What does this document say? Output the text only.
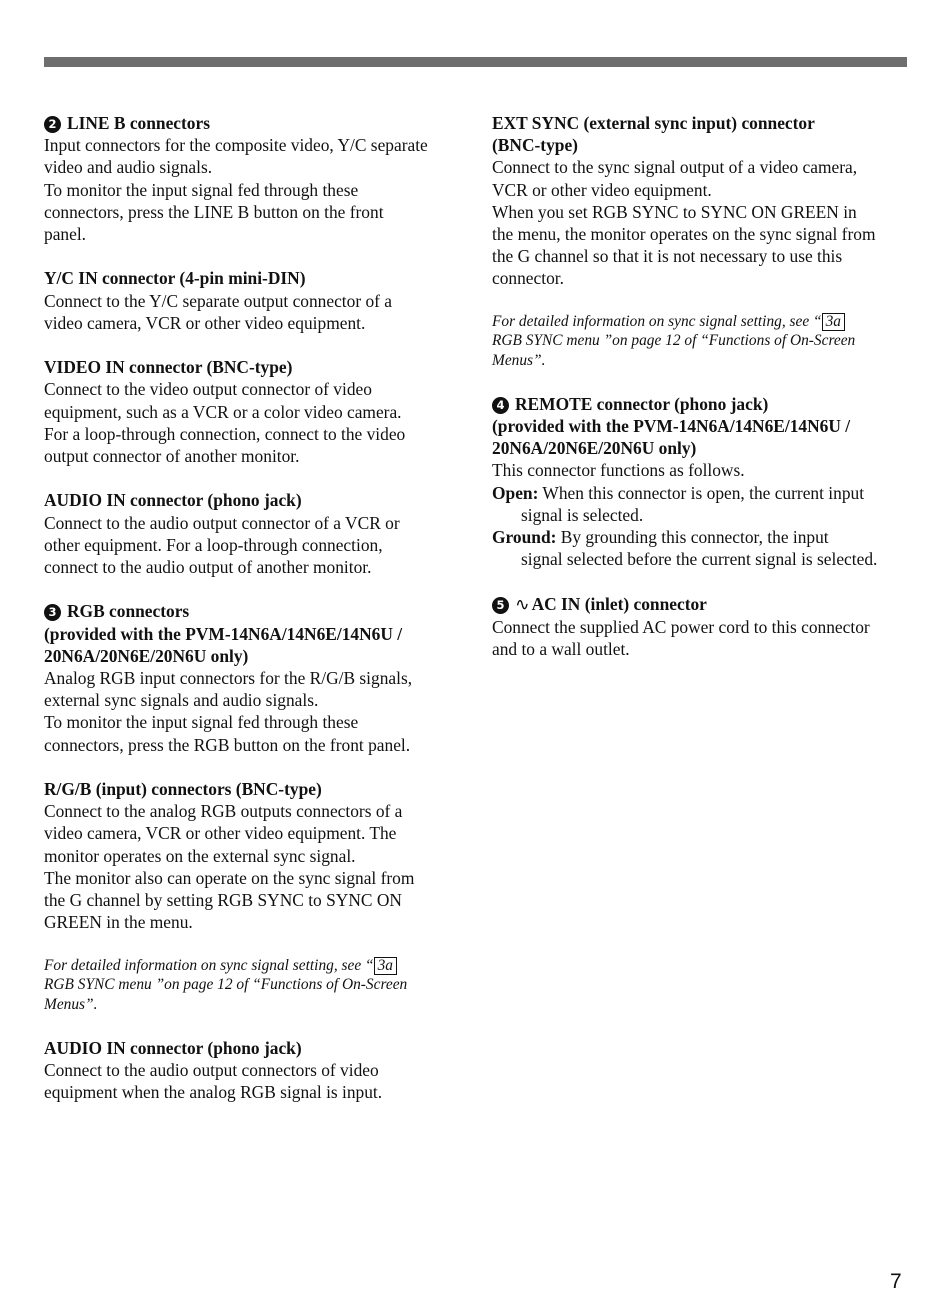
2 LINE B connectors
Input connectors for the composite video, Y/C separate
video and audio signals.
To monitor the input signal fed through these
connectors, press the LINE B button on the front
panel.
Y/C IN connector (4-pin mini-DIN)
Connect to the Y/C separate output connector of a
video camera, VCR or other video equipment.
VIDEO IN connector (BNC-type)
Connect to the video output connector of video
equipment, such as a VCR or a color video camera.
For a loop-through connection, connect to the video
output connector of another monitor.
AUDIO IN connector (phono jack)
Connect to the audio output connector of a VCR or
other equipment. For a loop-through connection,
connect to the audio output of another monitor.
3 RGB connectors
(provided with the PVM-14N6A/14N6E/14N6U /
20N6A/20N6E/20N6U only)
Analog RGB input connectors for the R/G/B signals,
external sync signals and audio signals.
To monitor the input signal fed through these
connectors, press the RGB button on the front panel.
R/G/B (input) connectors (BNC-type)
Connect to the analog RGB outputs connectors of a
video camera, VCR or other video equipment. The
monitor operates on the external sync signal.
The monitor also can operate on the sync signal from
the G channel by setting RGB SYNC to SYNC ON
GREEN in the menu.
For detailed information on sync signal setting, see “ 3a
RGB SYNC menu ”on page 12 of “Functions of On-Screen
Menus”.
AUDIO IN connector (phono jack)
Connect to the audio output connectors of video
equipment when the analog RGB signal is input.
EXT SYNC (external sync input) connector
(BNC-type)
Connect to the sync signal output of a video camera,
VCR or other video equipment.
When you set RGB SYNC to SYNC ON GREEN in
the menu, the monitor operates on the sync signal from
the G channel so that it is not necessary to use this
connector.
For detailed information on sync signal setting, see “ 3a
RGB SYNC menu ”on page 12 of “Functions of On-Screen
Menus”.
4 REMOTE connector (phono jack)
(provided with the PVM-14N6A/14N6E/14N6U /
20N6A/20N6E/20N6U only)
This connector functions as follows.
Open: When this connector is open, the current input
signal is selected.
Ground: By grounding this connector, the input
signal selected before the current signal is selected.
5 ∿ AC IN (inlet) connector
Connect the supplied AC power cord to this connector
and to a wall outlet.
7
